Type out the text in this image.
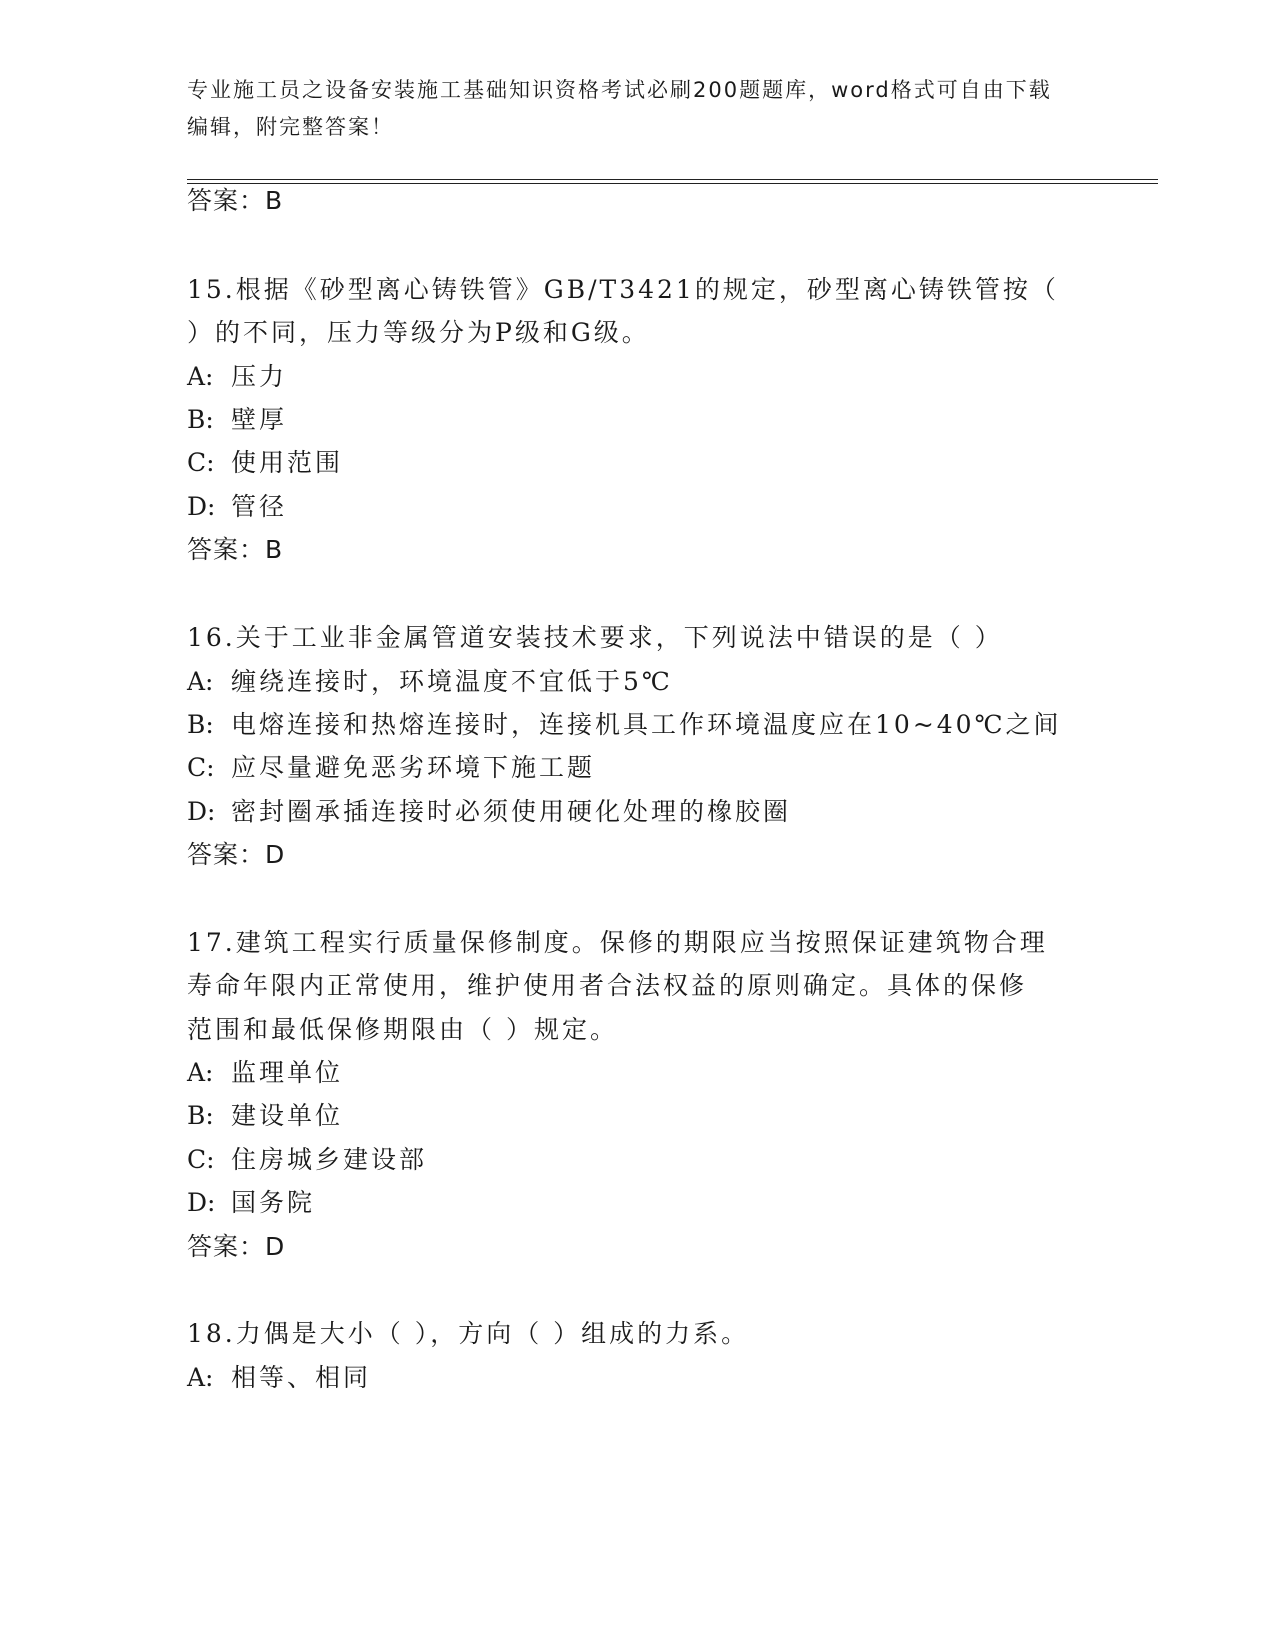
专业施工员之设备安装施工基础知识资格考试必刷200题题库，word格式可自由下载编辑，附完整答案！
答案：B
15.根据《砂型离心铸铁管》GB/T3421的规定，砂型离心铸铁管按（
）的不同，压力等级分为P级和G级。
A: 压力
B: 壁厚
C: 使用范围
D: 管径
答案：B
16.关于工业非金属管道安装技术要求，下列说法中错误的是（ ）
A: 缠绕连接时，环境温度不宜低于5℃
B: 电熔连接和热熔连接时，连接机具工作环境温度应在10~40℃之间
C: 应尽量避免恶劣环境下施工题
D: 密封圈承插连接时必须使用硬化处理的橡胶圈
答案：D
17.建筑工程实行质量保修制度。保修的期限应当按照保证建筑物合理
寿命年限内正常使用，维护使用者合法权益的原则确定。具体的保修
范围和最低保修期限由（ ）规定。
A: 监理单位
B: 建设单位
C: 住房城乡建设部
D: 国务院
答案：D
18.力偶是大小（ ），方向（ ）组成的力系。
A: 相等、相同
